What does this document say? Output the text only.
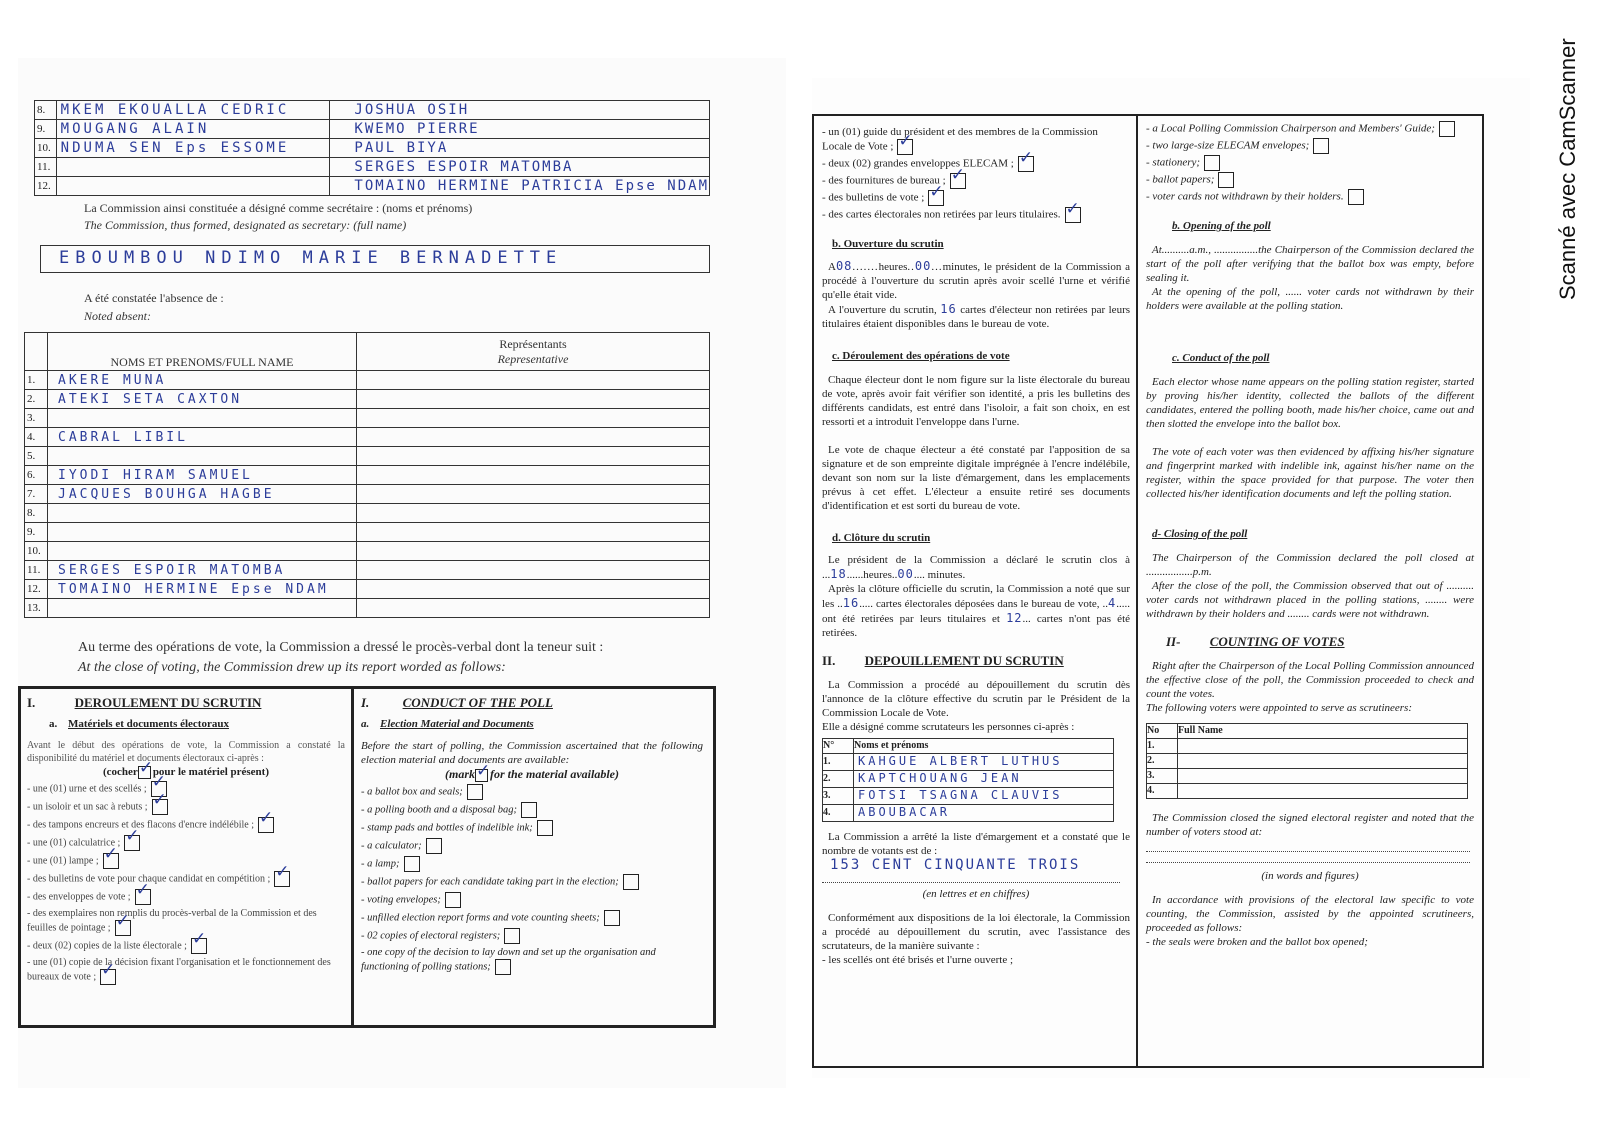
Scanné avec CamScanner
8.	MKEM EKOUALLA CEDRIC	JOSHUA OSIH
9.	MOUGANG ALAIN	KWEMO PIERRE
10.	NDUMA SEN Eps ESSOME	PAUL BIYA
11.		SERGES ESPOIR MATOMBA
12.		TOMAINO HERMINE PATRICIA Epse NDAM
La Commission ainsi constituée a désigné comme secrétaire : (noms et prénoms)
The Commission, thus formed, designated as secretary: (full name)
EBOUMBOU NDIMO MARIE BERNADETTE
A été constatée l'absence de :
Noted absent:
	NOMS ET PRENOMS/FULL NAME	Représentants
Representative

1.	AKERE MUNA	
2.	ATEKI SETA CAXTON	
3.		
4.	CABRAL LIBIL	
5.		
6.	IYODI HIRAM SAMUEL	
7.	JACQUES BOUHGA HAGBE	
8.		
9.		
10.		
11.	SERGES ESPOIR MATOMBA	
12.	TOMAINO HERMINE Epse NDAM	
13.		
Au terme des opérations de vote, la Commission a dressé le procès-verbal dont la teneur suit :
At the close of voting, the Commission drew up its report worded as follows:
I.	DEROULEMENT DU SCRUTIN
a. Matériels et documents électoraux

Avant le début des opérations de vote, la Commission a constaté la disponibilité du matériel et documents électoraux ci-après :

(cocher ✓ pour le matériel présent)
- une (01) urne et des scellés ;✓
- un isoloir et un sac à rebuts ;✓
- des tampons encreurs et des flacons d'encre indélébile ;✓
- une (01) calculatrice ;✓
- une (01) lampe ;✓
- des bulletins de vote pour chaque candidat en compétition ;✓
- des enveloppes de vote ;✓
- des exemplaires non remplis du procès-verbal de la Commission et des feuilles de pointage ;✓
- deux (02) copies de la liste électorale ;✓
- une (01) copie de la décision fixant l'organisation et le fonctionnement des bureaux de vote ;✓
I.	CONDUCT OF THE POLL
a. Election Material and Documents

Before the start of polling, the Commission ascertained that the following election material and documents are available:

(mark ✓ for the material available)
- a ballot box and seals;
- a polling booth and a disposal bag;
- stamp pads and bottles of indelible ink;
- a calculator;
- a lamp;
- ballot papers for each candidate taking part in the election;
- voting envelopes;
- unfilled election report forms and vote counting sheets;
- 02 copies of electoral registers;
- one copy of the decision to lay down and set up the organisation and functioning of polling stations;
- un (01) guide du président et des membres de la Commission Locale de Vote ;✓
- deux (02) grandes enveloppes ELECAM ;✓
- des fournitures de bureau ;✓
- des bulletins de vote ;✓
- des cartes électorales non retirées par leurs titulaires.✓
b. Ouverture du scrutin

A08.......heures..00...minutes, le président de la Commission a procédé à l'ouverture du scrutin après avoir scellé l'urne et vérifié qu'elle était vide.

A l'ouverture du scrutin, 16 cartes d'électeur non retirées par leurs titulaires étaient disponibles dans le bureau de vote.

c. Déroulement des opérations de vote

Chaque électeur dont le nom figure sur la liste électorale du bureau de vote, après avoir fait vérifier son identité, a pris les bulletins des différents candidats, est entré dans l'isoloir, a fait son choix, en est ressorti et a introduit l'enveloppe dans l'urne.

Le vote de chaque électeur a été constaté par l'apposition de sa signature et de son empreinte digitale imprégnée à l'encre indélébile, devant son nom sur la liste d'émargement, dans les emplacements prévus à cet effet. L'électeur a ensuite retiré ses documents d'identification et est sorti du bureau de vote.

d. Clôture du scrutin

Le président de la Commission a déclaré le scrutin clos à ...18......heures..00.... minutes.

Après la clôture officielle du scrutin, la Commission a noté que sur les ..16..... cartes électorales déposées dans le bureau de vote, ..4..... ont été retirées par leurs titulaires et 12... cartes n'ont pas été retirées.

II. DEPOUILLEMENT DU SCRUTIN

La Commission a procédé au dépouillement du scrutin dès l'annonce de la clôture effective du scrutin par le Président de la Commission Locale de Vote.

Elle a désigné comme scrutateurs les personnes ci-après :

N°	Noms et prénoms
1.	KAHGUE ALBERT LUTHUS
2.	KAPTCHOUANG JEAN
3.	FOTSI TSAGNA CLAUVIS
4.	ABOUBACAR

La Commission a arrêté la liste d'émargement et a constaté que le nombre de votants est de :

153 CENT CINQUANTE TROIS
(en lettres et en chiffres)

Conformément aux dispositions de la loi électorale, la Commission a procédé au dépouillement du scrutin, avec l'assistance des scrutateurs, de la manière suivante :

- les scellés ont été brisés et l'urne ouverte ;

- a Local Polling Commission Chairperson and Members' Guide;
- two large-size ELECAM envelopes;
- stationery;
- ballot papers;
- voter cards not withdrawn by their holders.
b. Opening of the poll

At..........a.m., ................the Chairperson of the Commission declared the start of the poll after verifying that the ballot box was empty, before sealing it.

At the opening of the poll, ...... voter cards not withdrawn by their holders were available at the polling station.

c. Conduct of the poll

Each elector whose name appears on the polling station register, started by proving his/her identity, collected the ballots of the different candidates, entered the polling booth, made his/her choice, came out and then slotted the envelope into the ballot box.

The vote of each voter was then evidenced by affixing his/her signature and fingerprint marked with indelible ink, against his/her name on the register, within the space provided for that purpose. The voter then collected his/her identification documents and left the polling station.

d- Closing of the poll

The Chairperson of the Commission declared the poll closed at .................p.m.

After the close of the poll, the Commission observed that out of .......... voter cards not withdrawn placed in the polling stations, ........ were withdrawn by their holders and ........ cards were not withdrawn.

II- COUNTING OF VOTES

Right after the Chairperson of the Local Polling Commission announced the effective close of the poll, the Commission proceeded to check and count the votes.

The following voters were appointed to serve as scrutineers:

No	Full Name
1.	
2.	
3.	
4.	

The Commission closed the signed electoral register and noted that the number of voters stood at:

(in words and figures)

In accordance with provisions of the electoral law specific to vote counting, the Commission, assisted by the appointed scrutineers, proceeded as follows:

- the seals were broken and the ballot box opened;
